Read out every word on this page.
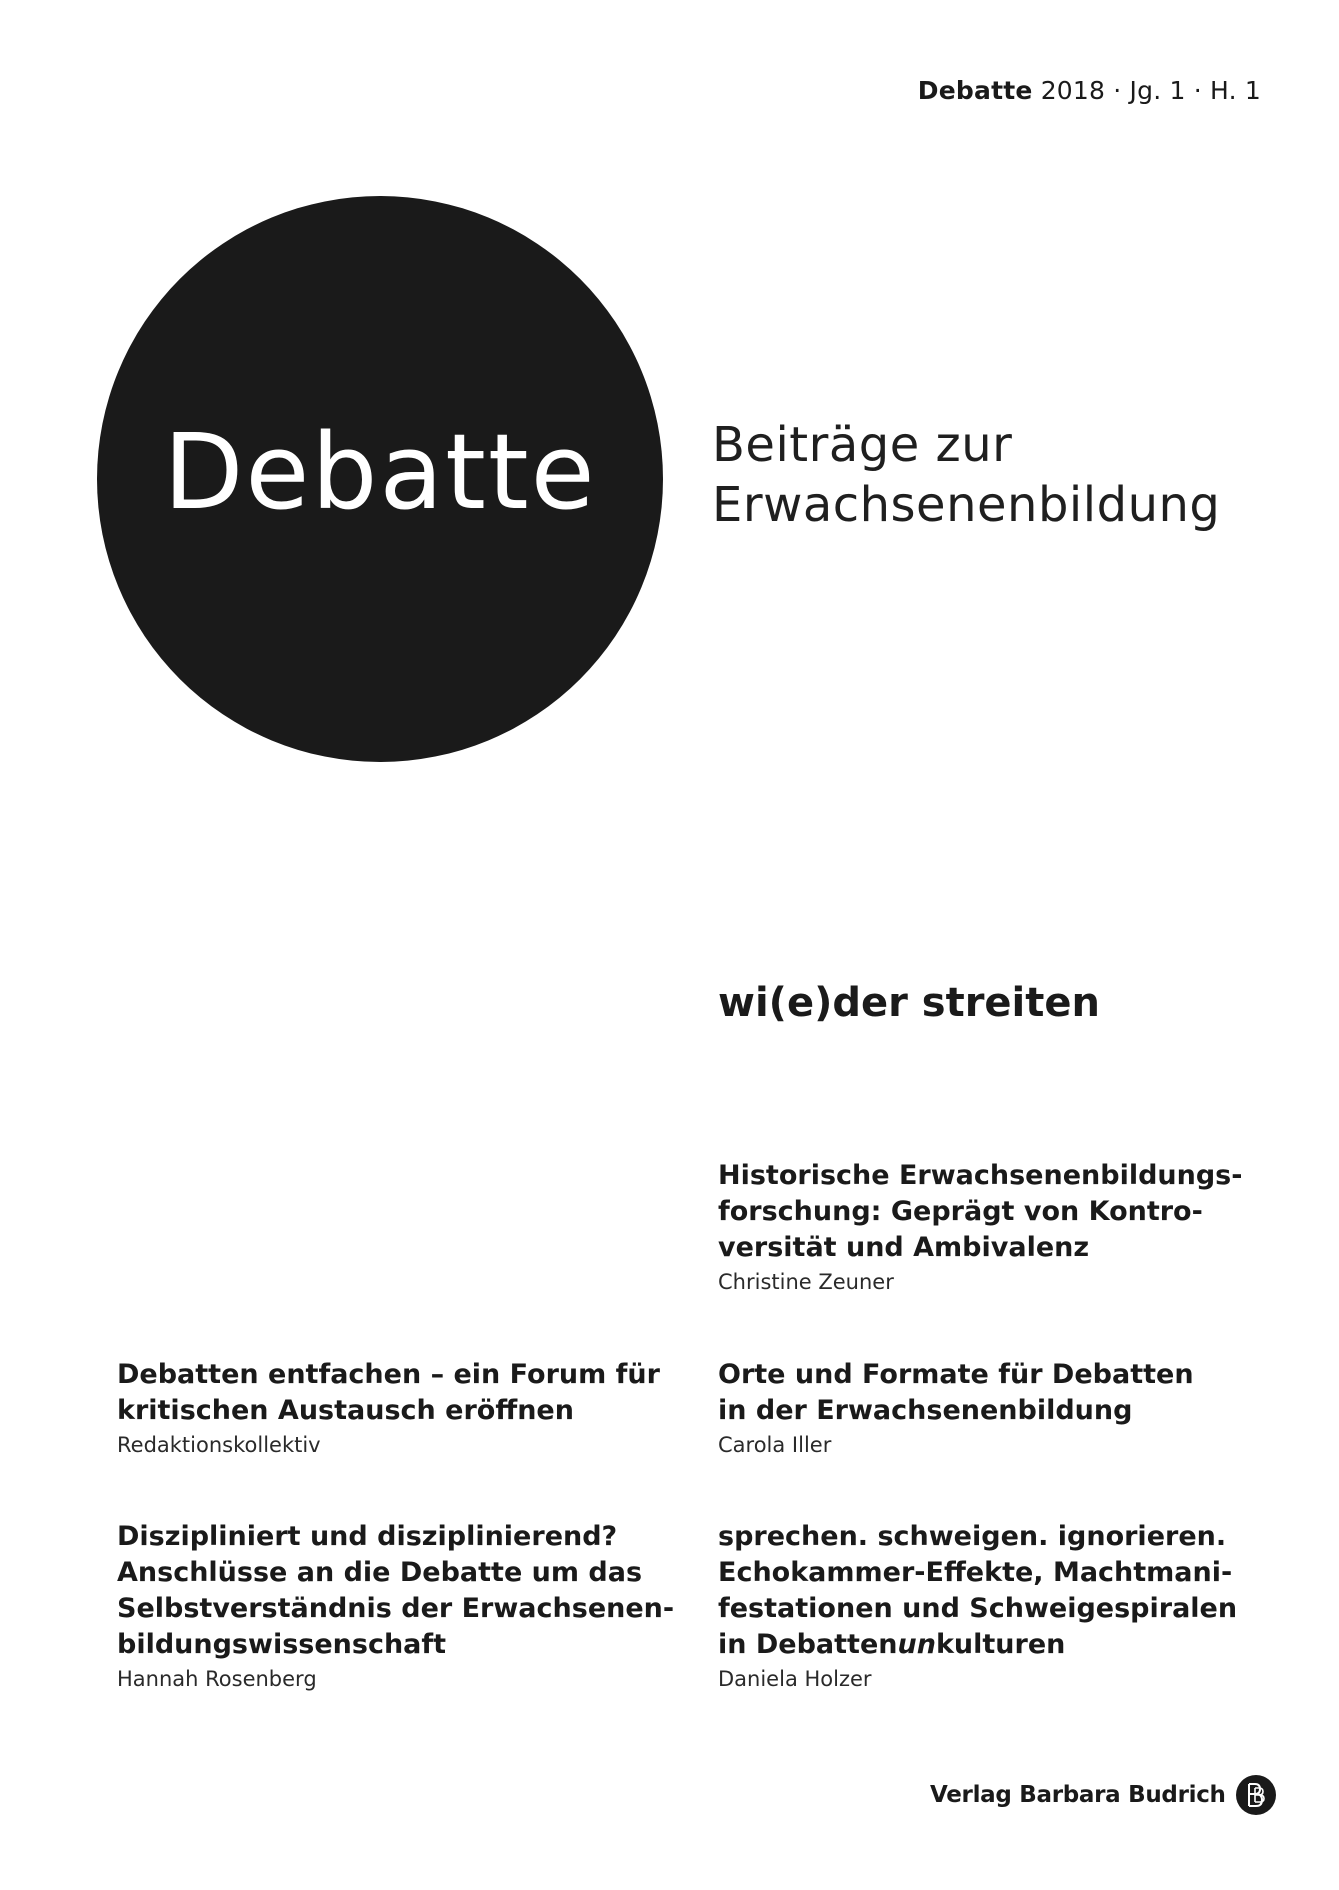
Debatte 2018 · Jg. 1 · H. 1
Debatte	Beiträge zur
Erwachsenenbildung
wi(e)der streiten
Historische Erwachsenenbildungs-
forschung: Geprägt von Kontro-
versität und Ambivalenz
Christine Zeuner
Debatten entfachen – ein Forum für
kritischen Austausch eröffnen
Redaktionskollektiv
Orte und Formate für Debatten
in der Erwachsenenbildung
Carola Iller
Diszipliniert und disziplinierend?
Anschlüsse an die Debatte um das
Selbstverständnis der Erwachsenen-
bildungswissenschaft
Hannah Rosenberg
sprechen. schweigen. ignorieren.
Echokammer-Effekte, Machtmani-
festationen und Schweigespiralen
in Debattenunkulturen
Daniela Holzer
Verlag Barbara Budrich
